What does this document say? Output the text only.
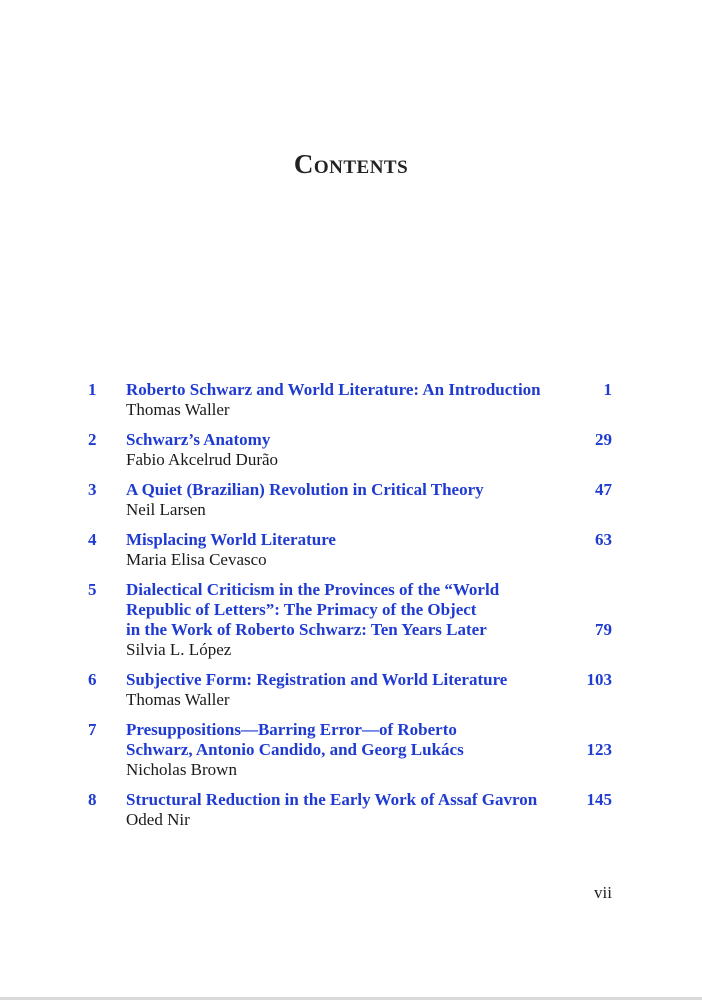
Contents
1 Roberto Schwarz and World Literature: An Introduction
Thomas Waller
1
2 Schwarz’s Anatomy
Fabio Akcelrud Durão
29
3 A Quiet (Brazilian) Revolution in Critical Theory
Neil Larsen
47
4 Misplacing World Literature
Maria Elisa Cevasco
63
5 Dialectical Criticism in the Provinces of the “World
Republic of Letters”: The Primacy of the Object
in the Work of Roberto Schwarz: Ten Years Later
Silvia L. López
79
6 Subjective Form: Registration and World Literature
Thomas Waller
103
7 Presuppositions—Barring Error—of Roberto
Schwarz, Antonio Candido, and Georg Lukács
Nicholas Brown
123
8 Structural Reduction in the Early Work of Assaf Gavron
Oded Nir
145
vii
